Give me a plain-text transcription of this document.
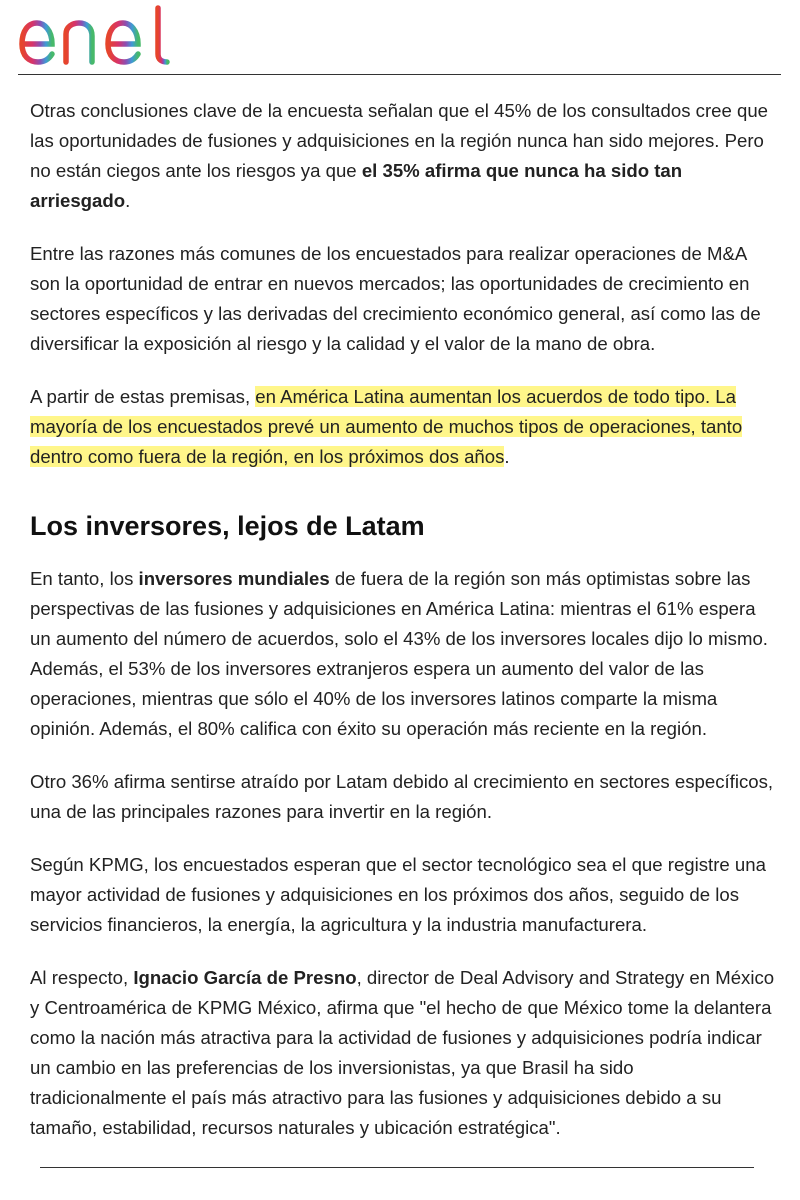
Otras conclusiones clave de la encuesta señalan que el 45% de los consultados cree que las oportunidades de fusiones y adquisiciones en la región nunca han sido mejores. Pero no están ciegos ante los riesgos ya que el 35% afirma que nunca ha sido tan arriesgado.

Entre las razones más comunes de los encuestados para realizar operaciones de M&A son la oportunidad de entrar en nuevos mercados; las oportunidades de crecimiento en sectores específicos y las derivadas del crecimiento económico general, así como las de diversificar la exposición al riesgo y la calidad y el valor de la mano de obra.

A partir de estas premisas, en América Latina aumentan los acuerdos de todo tipo. La mayoría de los encuestados prevé un aumento de muchos tipos de operaciones, tanto dentro como fuera de la región, en los próximos dos años.

Los inversores, lejos de Latam

En tanto, los inversores mundiales de fuera de la región son más optimistas sobre las perspectivas de las fusiones y adquisiciones en América Latina: mientras el 61% espera un aumento del número de acuerdos, solo el 43% de los inversores locales dijo lo mismo. Además, el 53% de los inversores extranjeros espera un aumento del valor de las operaciones, mientras que sólo el 40% de los inversores latinos comparte la misma opinión. Además, el 80% califica con éxito su operación más reciente en la región.

Otro 36% afirma sentirse atraído por Latam debido al crecimiento en sectores específicos, una de las principales razones para invertir en la región.

Según KPMG, los encuestados esperan que el sector tecnológico sea el que registre una mayor actividad de fusiones y adquisiciones en los próximos dos años, seguido de los servicios financieros, la energía, la agricultura y la industria manufacturera.

Al respecto, Ignacio García de Presno, director de Deal Advisory and Strategy en México y Centroamérica de KPMG México, afirma que "el hecho de que México tome la delantera como la nación más atractiva para la actividad de fusiones y adquisiciones podría indicar un cambio en las preferencias de los inversionistas, ya que Brasil ha sido tradicionalmente el país más atractivo para las fusiones y adquisiciones debido a su tamaño, estabilidad, recursos naturales y ubicación estratégica".
